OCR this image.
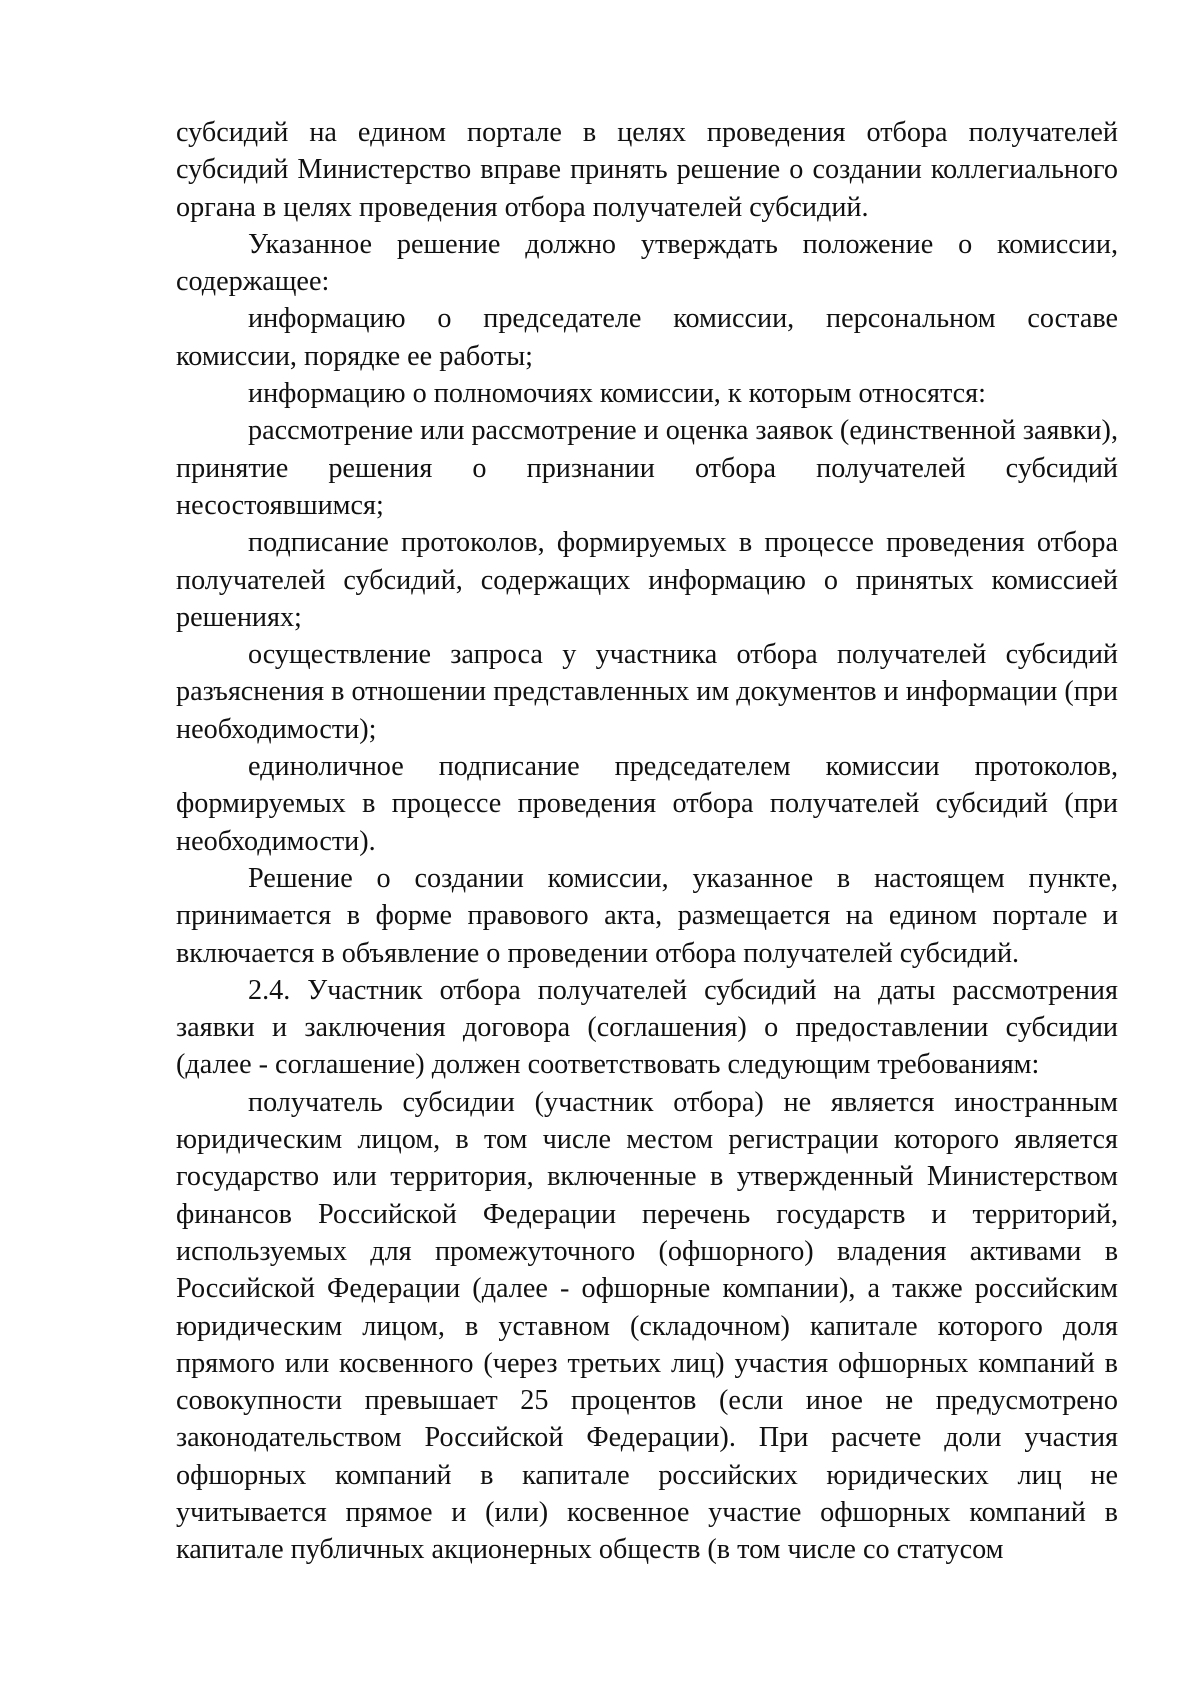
субсидий на едином портале в целях проведения отбора получателей субсидий Министерство вправе принять решение о создании коллегиального органа в целях проведения отбора получателей субсидий.

Указанное решение должно утверждать положение о комиссии, содержащее:

информацию о председателе комиссии, персональном составе комиссии, порядке ее работы;

информацию о полномочиях комиссии, к которым относятся:

рассмотрение или рассмотрение и оценка заявок (единственной заявки), принятие решения о признании отбора получателей субсидий несостоявшимся;

подписание протоколов, формируемых в процессе проведения отбора получателей субсидий, содержащих информацию о принятых комиссией решениях;

осуществление запроса у участника отбора получателей субсидий разъяснения в отношении представленных им документов и информации (при необходимости);

единоличное подписание председателем комиссии протоколов, формируемых в процессе проведения отбора получателей субсидий (при необходимости).

Решение о создании комиссии, указанное в настоящем пункте, принимается в форме правового акта, размещается на едином портале и включается в объявление о проведении отбора получателей субсидий.

2.4. Участник отбора получателей субсидий на даты рассмотрения заявки и заключения договора (соглашения) о предоставлении субсидии (далее - соглашение) должен соответствовать следующим требованиям:

получатель субсидии (участник отбора) не является иностранным юридическим лицом, в том числе местом регистрации которого является государство или территория, включенные в утвержденный Министерством финансов Российской Федерации перечень государств и территорий, используемых для промежуточного (офшорного) владения активами в Российской Федерации (далее - офшорные компании), а также российским юридическим лицом, в уставном (складочном) капитале которого доля прямого или косвенного (через третьих лиц) участия офшорных компаний в совокупности превышает 25 процентов (если иное не предусмотрено законодательством Российской Федерации). При расчете доли участия офшорных компаний в капитале российских юридических лиц не учитывается прямое и (или) косвенное участие офшорных компаний в капитале публичных акционерных обществ (в том числе со статусом
